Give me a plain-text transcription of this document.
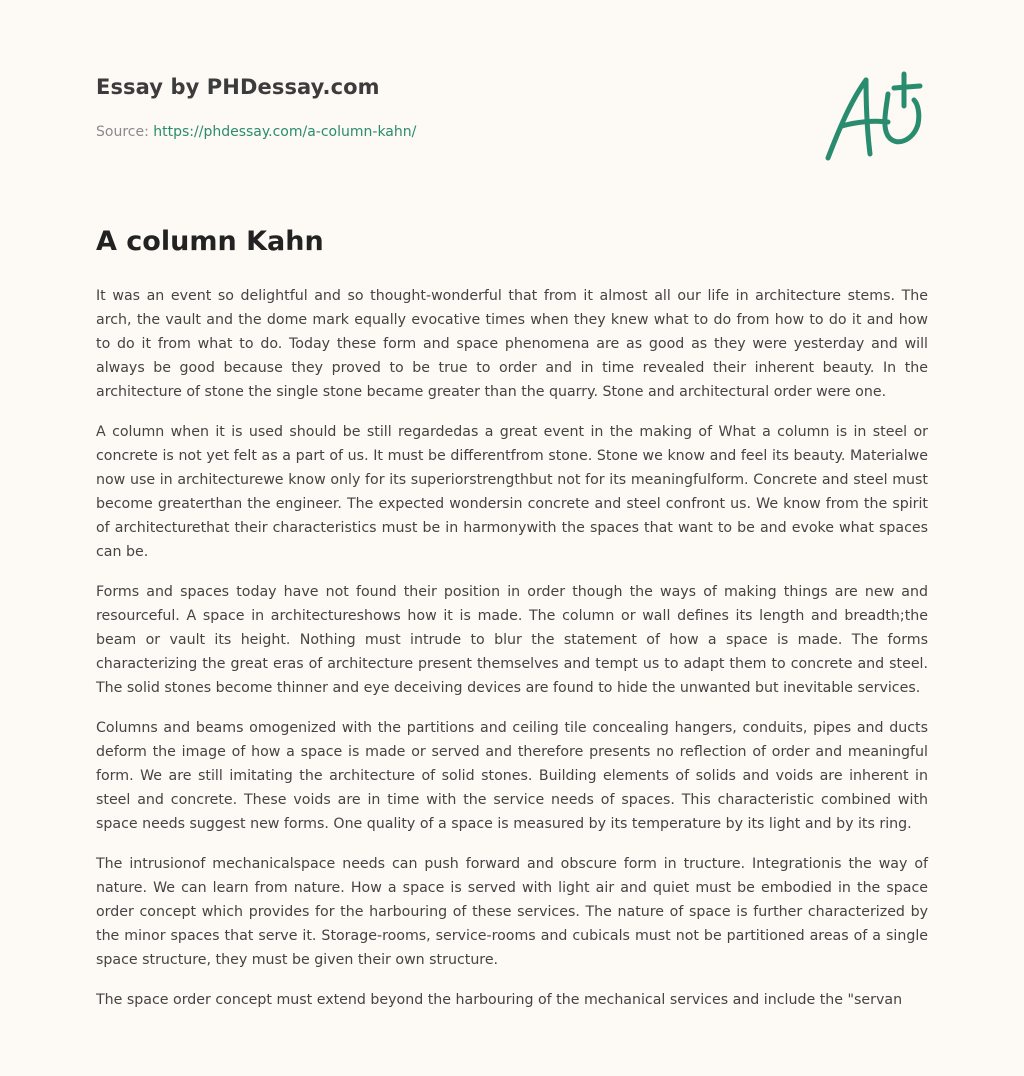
Essay by PHDessay.com
Source: https://phdessay.com/a-column-kahn/
A column Kahn

It was an event so delightful and so thought-wonderful that from it almost all our life in architecture stems. The arch, the vault and the dome mark equally evocative times when they knew what to do from how to do it and how to do it from what to do. Today these form and space phenomena are as good as they were yesterday and will always be good because they proved to be true to order and in time revealed their inherent beauty. In the architecture of stone the single stone became greater than the quarry. Stone and architectural order were one.

A column when it is used should be still regardedas a great event in the making of What a column is in steel or concrete is not yet felt as a part of us. It must be differentfrom stone. Stone we know and feel its beauty. Materialwe now use in architecturewe know only for its superiorstrengthbut not for its meaningfulform. Concrete and steel must become greaterthan the engineer. The expected wondersin concrete and steel confront us. We know from the spirit of architecturethat their characteristics must be in harmonywith the spaces that want to be and evoke what spaces can be.

Forms and spaces today have not found their position in order though the ways of making things are new and resourceful. A space in architectureshows how it is made. The column or wall defines its length and breadth;the beam or vault its height. Nothing must intrude to blur the statement of how a space is made. The forms characterizing the great eras of architecture present themselves and tempt us to adapt them to concrete and steel. The solid stones become thinner and eye deceiving devices are found to hide the unwanted but inevitable services.

Columns and beams omogenized with the partitions and ceiling tile concealing hangers, conduits, pipes and ducts deform the image of how a space is made or served and therefore presents no reflection of order and meaningful form. We are still imitating the architecture of solid stones. Building elements of solids and voids are inherent in steel and concrete. These voids are in time with the service needs of spaces. This characteristic combined with space needs suggest new forms. One quality of a space is measured by its temperature by its light and by its ring.

The intrusionof mechanicalspace needs can push forward and obscure form in tructure. Integrationis the way of nature. We can learn from nature. How a space is served with light air and quiet must be embodied in the space order concept which provides for the harbouring of these services. The nature of space is further characterized by the minor spaces that serve it. Storage-rooms, service-rooms and cubicals must not be partitioned areas of a single space structure, they must be given their own structure.

The space order concept must extend beyond the harbouring of the mechanical services and include the "servan
